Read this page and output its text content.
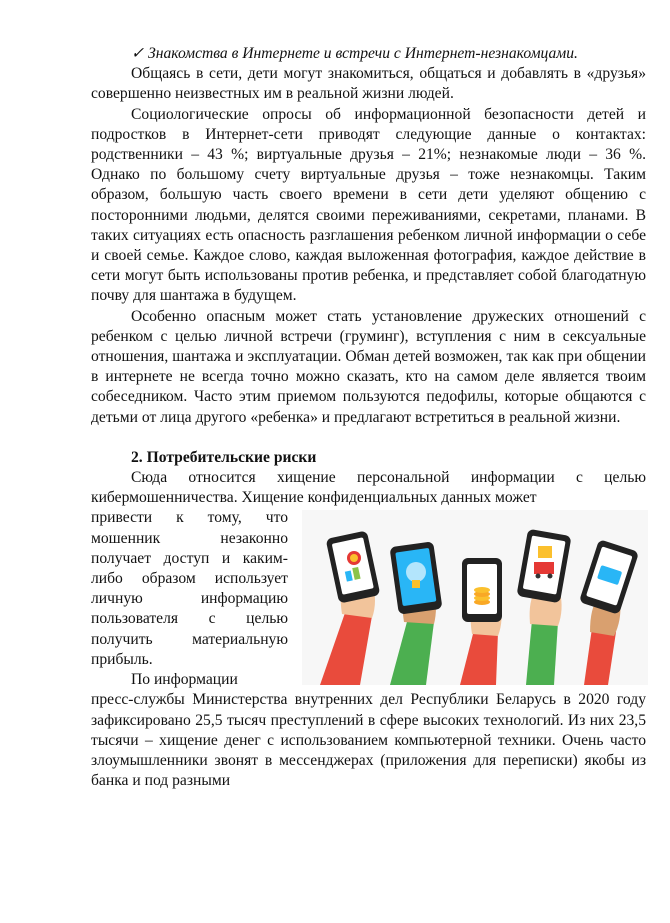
✓ Знакомства в Интернете и встречи с Интернет-незнакомцами.

Общаясь в сети, дети могут знакомиться, общаться и добавлять в «друзья» совершенно неизвестных им в реальной жизни людей.

Социологические опросы об информационной безопасности детей и подростков в Интернет-сети приводят следующие данные о контактах: родственники – 43 %; виртуальные друзья – 21%; незнакомые люди – 36 %. Однако по большому счету виртуальные друзья – тоже незнакомцы. Таким образом, большую часть своего времени в сети дети уделяют общению с посторонними людьми, делятся своими переживаниями, секретами, планами. В таких ситуациях есть опасность разглашения ребенком личной информации о себе и своей семье. Каждое слово, каждая выложенная фотография, каждое действие в сети могут быть использованы против ребенка, и представляет собой благодатную почву для шантажа в будущем.

Особенно опасным может стать установление дружеских отношений с ребенком с целью личной встречи (груминг), вступления с ним в сексуальные отношения, шантажа и эксплуатации. Обман детей возможен, так как при общении в интернете не всегда точно можно сказать, кто на самом деле является твоим собеседником. Часто этим приемом пользуются педофилы, которые общаются с детьми от лица другого «ребенка» и предлагают встретиться в реальной жизни.

2. Потребительские риски

Сюда относится хищение персональной информации с целью кибермошенничества. Хищение конфиденциальных данных может

привести к тому, что мошенник незаконно получает доступ и каким-либо образом использует личную информацию пользователя с целью получить материальную прибыль.

По информации

пресс-службы Министерства внутренних дел Республики Беларусь в 2020 году зафиксировано 25,5 тысяч преступлений в сфере высоких технологий. Из них 23,5 тысячи – хищение денег с использованием компьютерной техники. Очень часто злоумышленники звонят в мессенджерах (приложения для переписки) якобы из банка и под разными
